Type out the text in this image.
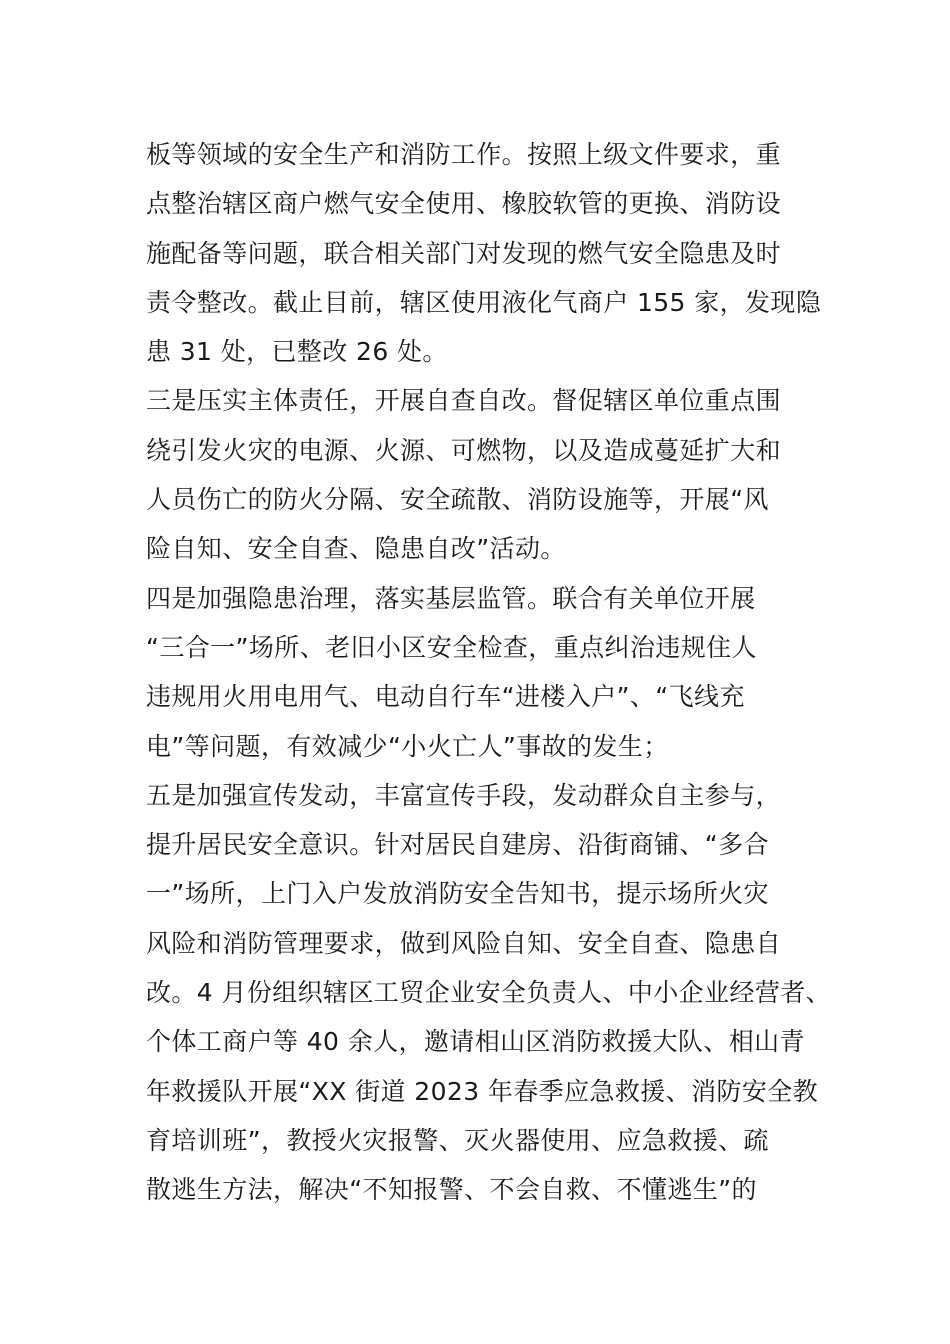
板等领域的安全生产和消防工作。按照上级文件要求，重
点整治辖区商户燃气安全使用、橡胶软管的更换、消防设
施配备等问题，联合相关部门对发现的燃气安全隐患及时
责令整改。截止目前，辖区使用液化气商户 155 家，发现隐
患 31 处，已整改 26 处。
三是压实主体责任，开展自查自改。督促辖区单位重点围
绕引发火灾的电源、火源、可燃物，以及造成蔓延扩大和
人员伤亡的防火分隔、安全疏散、消防设施等，开展“风
险自知、安全自查、隐患自改”活动。
四是加强隐患治理，落实基层监管。联合有关单位开展
“三合一”场所、老旧小区安全检查，重点纠治违规住人
违规用火用电用气、电动自行车“进楼入户”、“飞线充
电”等问题，有效减少“小火亡人”事故的发生；
五是加强宣传发动，丰富宣传手段，发动群众自主参与，
提升居民安全意识。针对居民自建房、沿街商铺、“多合
一”场所，上门入户发放消防安全告知书，提示场所火灾
风险和消防管理要求，做到风险自知、安全自查、隐患自
改。4 月份组织辖区工贸企业安全负责人、中小企业经营者、
个体工商户等 40 余人，邀请相山区消防救援大队、相山青
年救援队开展“XX 街道 2023 年春季应急救援、消防安全教
育培训班”，教授火灾报警、灭火器使用、应急救援、疏
散逃生方法，解决“不知报警、不会自救、不懂逃生”的
